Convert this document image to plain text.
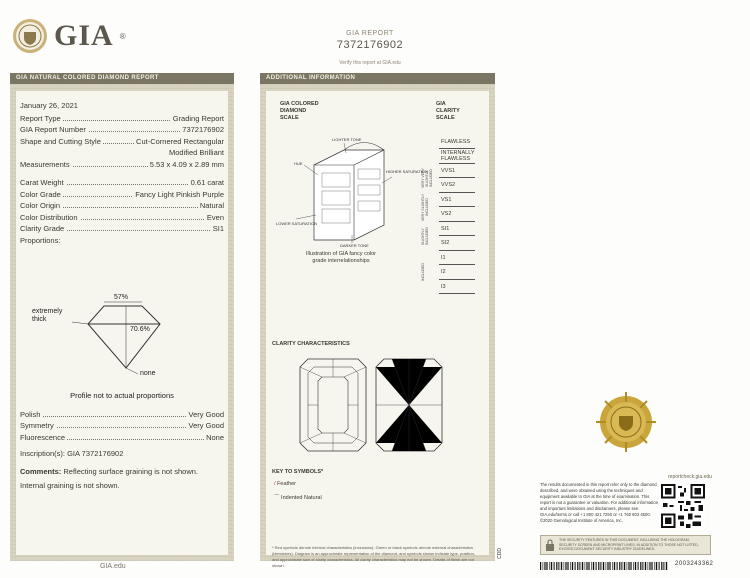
GIA ®	GIA REPORT
7372176902
Verify this report at GIA.edu
GIA NATURAL COLORED DIAMOND REPORT
January 26, 2021
Report Type	Grading Report
GIA Report Number	7372176902
Shape and Cutting Style	Cut-Cornered Rectangular
Modified Brilliant
Measurements	5.53 x 4.09 x 2.89 mm
Carat Weight	0.61 carat
Color Grade	Fancy Light Pinkish Purple
Color Origin	Natural
Color Distribution	Even
Clarity Grade	SI1
Proportions:
57%
70.6%
extremely thick
none
Profile not to actual proportions
Polish	Very Good
Symmetry	Very Good
Fluorescence	None
Inscription(s): GIA 7372176902
Comments: Reflecting surface graining is not shown.
Internal graining is not shown.
GIA.edu
ADDITIONAL INFORMATION
GIA COLORED
DIAMOND
SCALE
GIA
CLARITY
SCALE
LIGHTER TONE
HUE
HIGHER SATURATION
LOWER SATURATION
DARKER TONE
Illustration of GIA fancy color
grade interrelationships
FLAWLESS
INTERNALLY FLAWLESS
VVS1
VVS2
VS1
VS2
SI1
SI2
I1
I2
I3
VERY VERY SLIGHTLY INCLUDED
VERY SLIGHTLY INCLUDED
SLIGHTLY INCLUDED
INCLUDED
CLARITY CHARACTERISTICS
KEY TO SYMBOLS*
/ Feather
⌒ Indented Natural
* Red symbols denote internal characteristics (inclusions). Green or black symbols denote external characteristics (blemishes). Diagram is an approximate representation of the diamond, and symbols shown indicate type, position, and approximate size of clarity characteristics. All clarity characteristics may not be shown. Details of finish are not shown.
CDD
reportcheck.gia.edu
The results documented in this report refer only to the diamond described, and were obtained using the techniques and equipment available to GIA at the time of examination. This report is not a guarantee or valuation. For additional information and important limitations and disclaimers, please see GIA.edu/terms or call +1 800 421 7250 or +1 760 603 4500. ©2020 Gemological Institute of America, Inc.
THE SECURITY FEATURES IN THIS DOCUMENT, INCLUDING THE HOLOGRAM, SECURITY SCREEN AND MICROPRINT LINES, IN ADDITION TO THOSE NOT LISTED, EXCEED DOCUMENT SECURITY INDUSTRY GUIDELINES.
2003243362
